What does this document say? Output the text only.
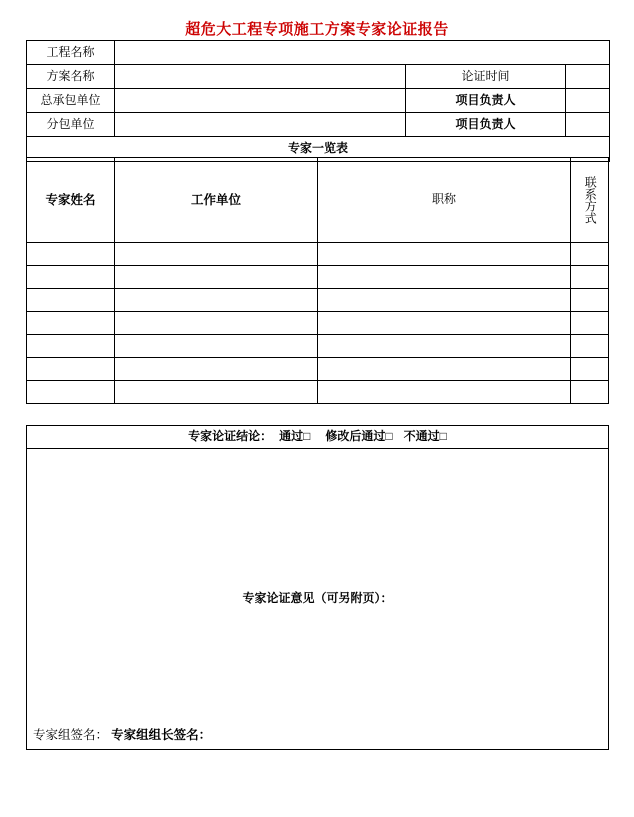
超危大工程专项施工方案专家论证报告
工程名称			
方案名称		论证时间	
总承包单位		项目负责人	
分包单位		项目负责人	
专家一览表			
专家姓名	工作单位	职称	联系方式

专家论证结论： 通过□ 修改后通过□ 不通过□

专家论证意见（可另附页）：
专家组签名： 专家组组长签名：
